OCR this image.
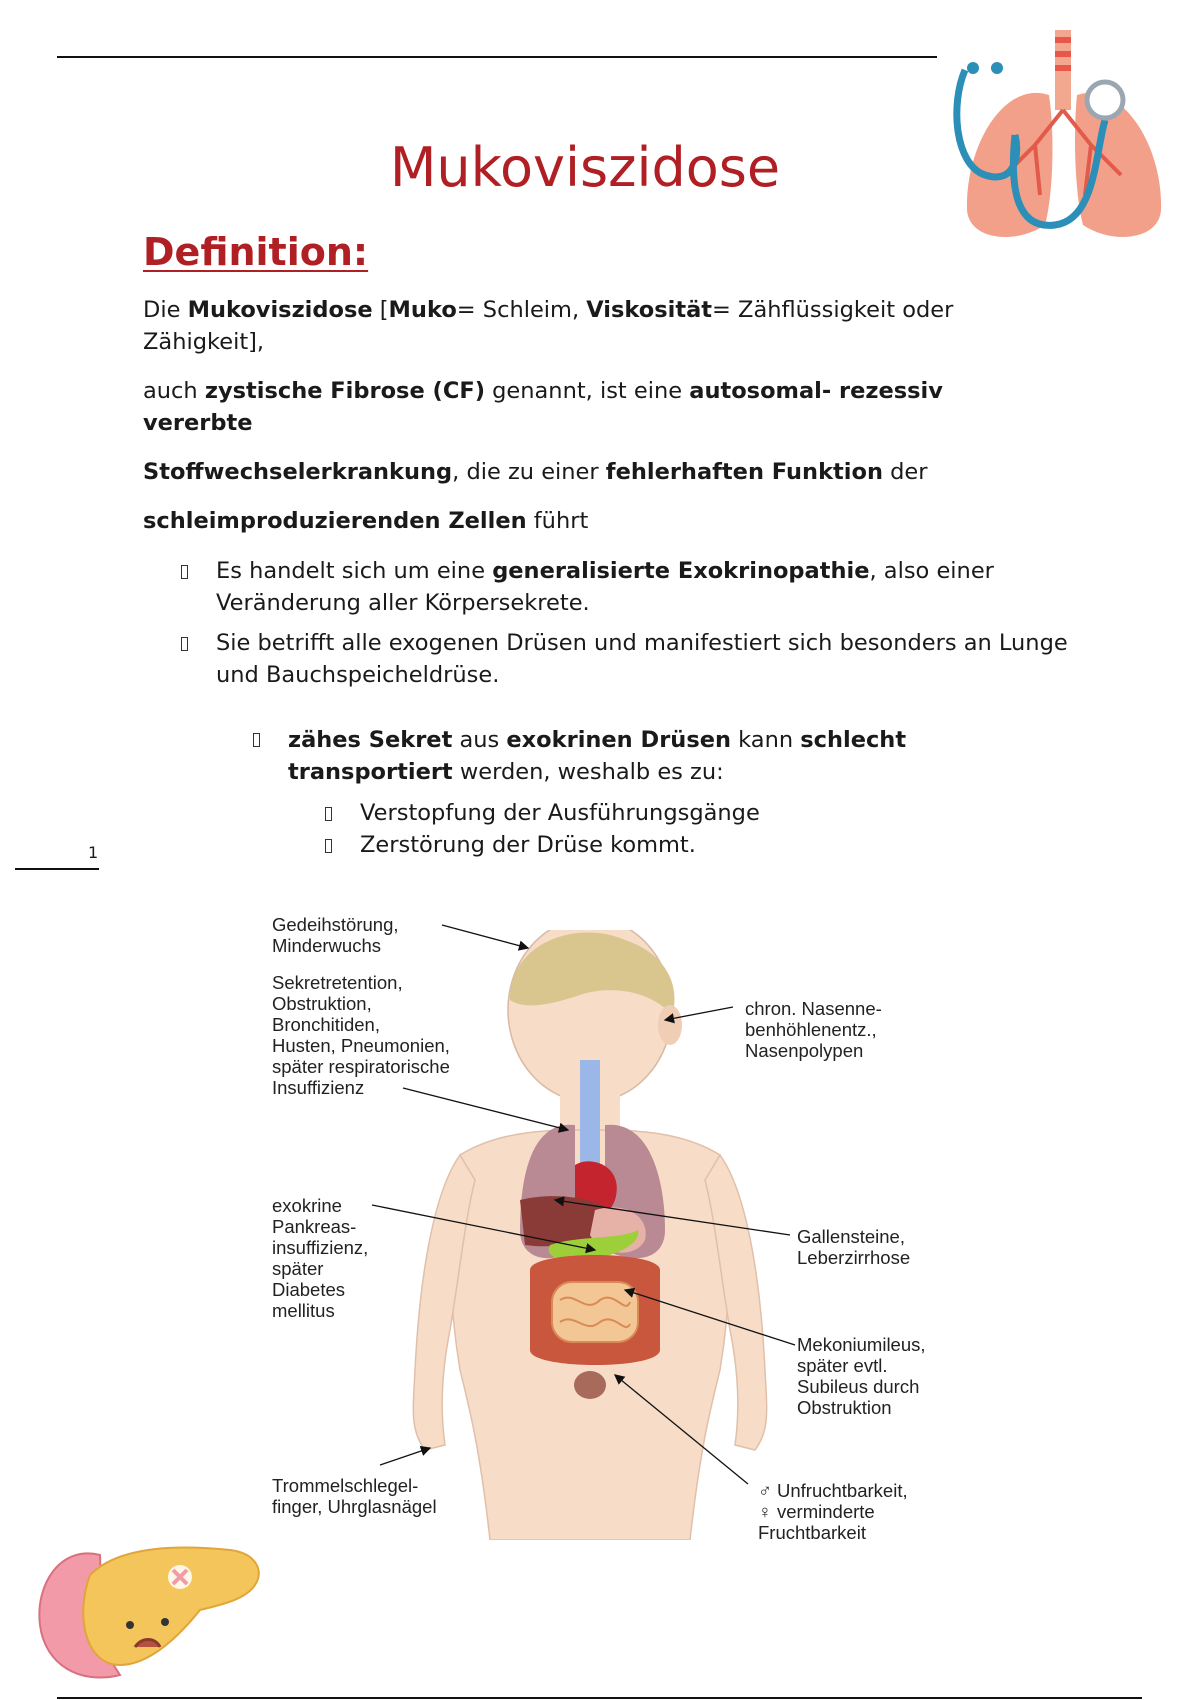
Mukoviszidose
Definition:

Die Mukoviszidose [Muko= Schleim, Viskosität= Zähflüssigkeit oder Zähigkeit],

auch zystische Fibrose (CF) genannt, ist eine autosomal- rezessiv vererbte

Stoffwechselerkrankung, die zu einer fehlerhaften Funktion der

schleimproduzierenden Zellen führt

Es handelt sich um eine generalisierte Exokrinopathie, also einer Veränderung aller Körpersekrete.

Sie betrifft alle exogenen Drüsen und manifestiert sich besonders an Lunge und Bauchspeicheldrüse.

zähes Sekret aus exokrinen Drüsen kann schlecht transportiert werden, weshalb es zu:

Verstopfung der Ausführungsgänge

Zerstörung der Drüse kommt.

1
Gedeihstörung,
Minderwuchs
Sekretretention,
Obstruktion,
Bronchitiden,
Husten, Pneumonien,
später respiratorische
Insuffizienz
chron. Nasenne-
benhöhlenentz.,
Nasenpolypen
exokrine
Pankreas-
insuffizienz,
später
Diabetes
mellitus
Gallensteine,
Leberzirrhose
Mekoniumileus,
später evtl.
Subileus durch
Obstruktion
Trommelschlegel-
finger, Uhrglasnägel
♂ Unfruchtbarkeit,
♀ verminderte
Fruchtbarkeit
